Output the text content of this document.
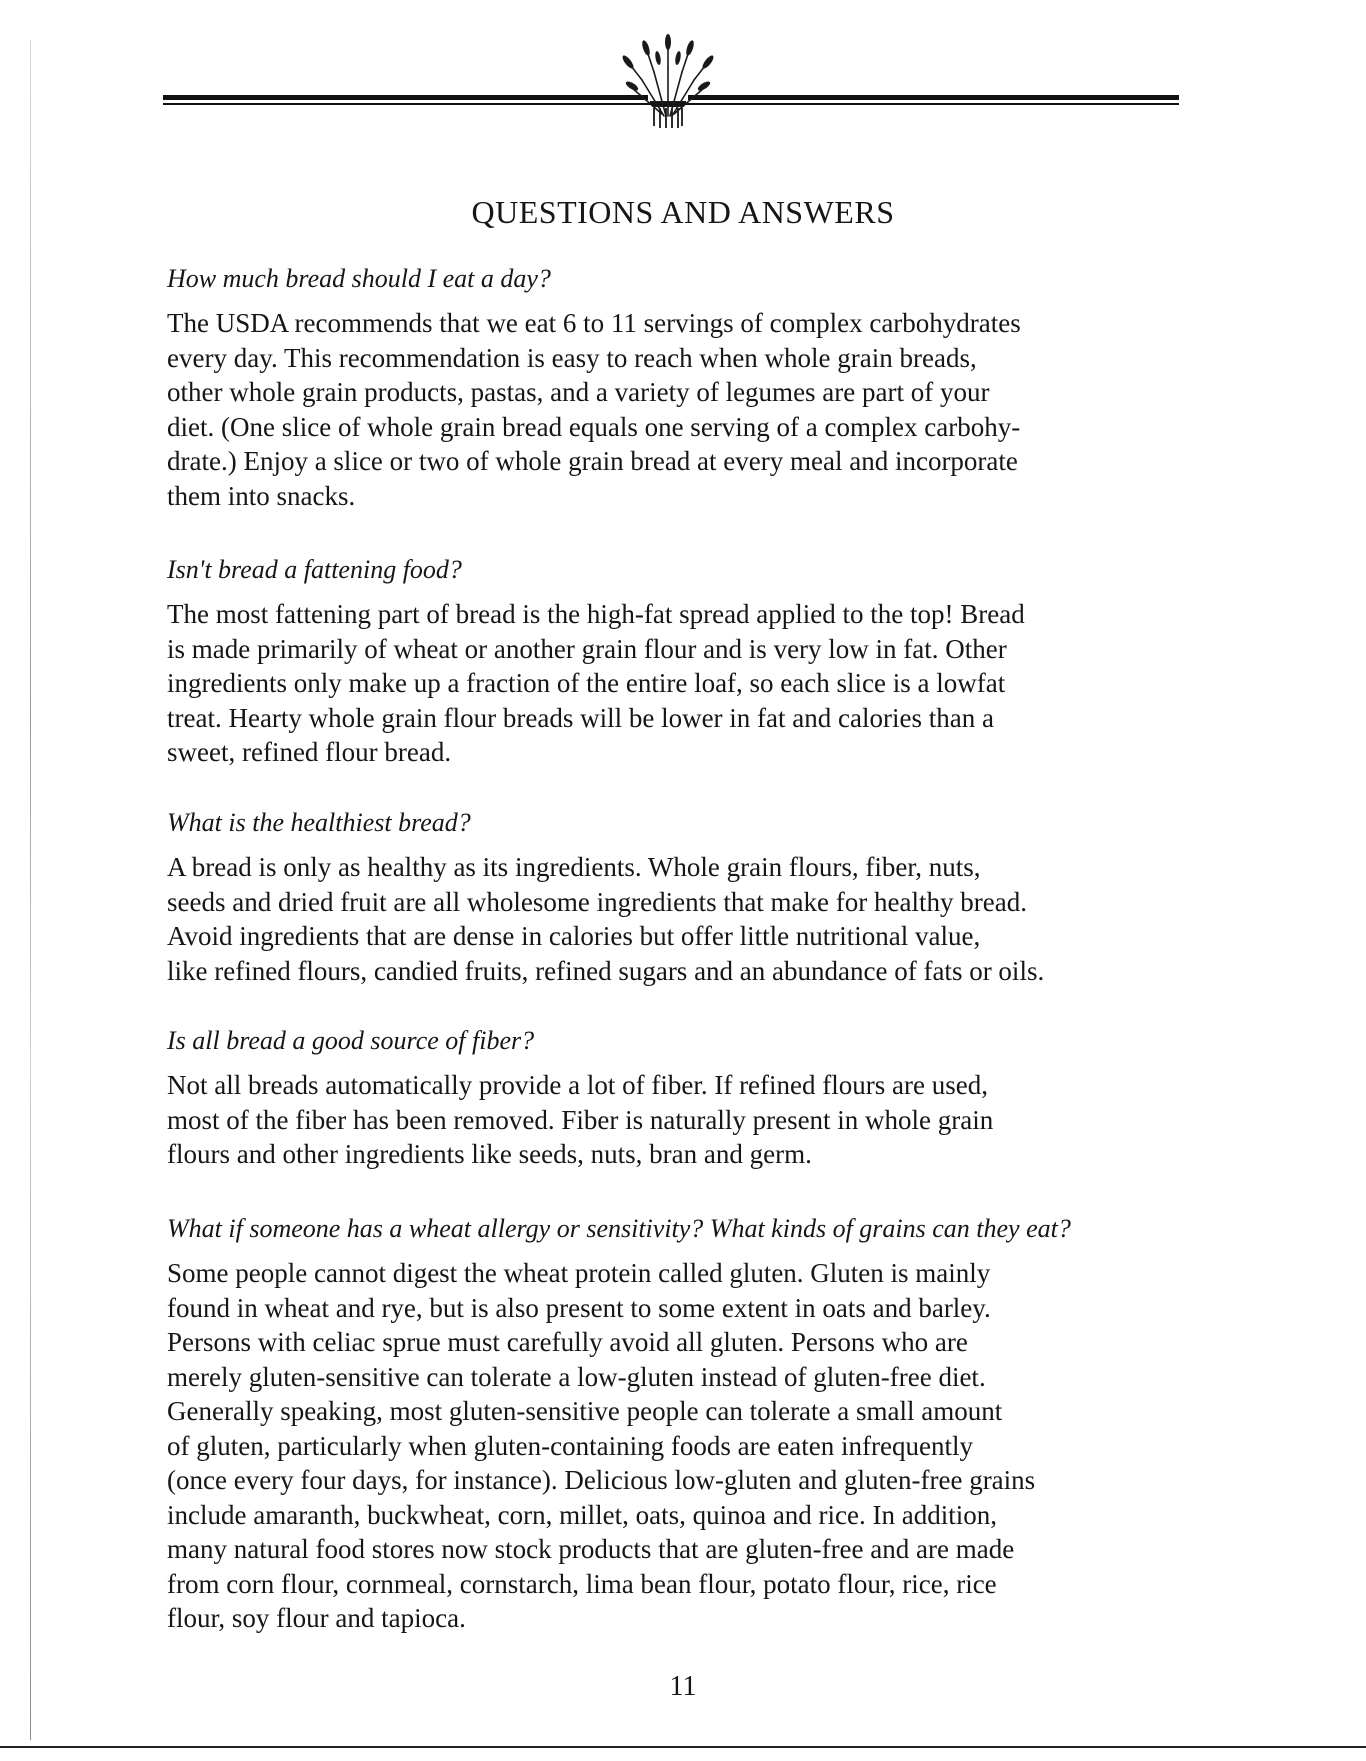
QUESTIONS AND ANSWERS
How much bread should I eat a day?

The USDA recommends that we eat 6 to 11 servings of complex carbohydrates
every day. This recommendation is easy to reach when whole grain breads,
other whole grain products, pastas, and a variety of legumes are part of your
diet. (One slice of whole grain bread equals one serving of a complex carbohy-
drate.) Enjoy a slice or two of whole grain bread at every meal and incorporate
them into snacks.

Isn't bread a fattening food?

The most fattening part of bread is the high-fat spread applied to the top! Bread
is made primarily of wheat or another grain flour and is very low in fat. Other
ingredients only make up a fraction of the entire loaf, so each slice is a lowfat
treat. Hearty whole grain flour breads will be lower in fat and calories than a
sweet, refined flour bread.

What is the healthiest bread?

A bread is only as healthy as its ingredients. Whole grain flours, fiber, nuts,
seeds and dried fruit are all wholesome ingredients that make for healthy bread.
Avoid ingredients that are dense in calories but offer little nutritional value,
like refined flours, candied fruits, refined sugars and an abundance of fats or oils.

Is all bread a good source of fiber?

Not all breads automatically provide a lot of fiber. If refined flours are used,
most of the fiber has been removed. Fiber is naturally present in whole grain
flours and other ingredients like seeds, nuts, bran and germ.

What if someone has a wheat allergy or sensitivity? What kinds of grains can they eat?

Some people cannot digest the wheat protein called gluten. Gluten is mainly
found in wheat and rye, but is also present to some extent in oats and barley.
Persons with celiac sprue must carefully avoid all gluten. Persons who are
merely gluten-sensitive can tolerate a low-gluten instead of gluten-free diet.
Generally speaking, most gluten-sensitive people can tolerate a small amount
of gluten, particularly when gluten-containing foods are eaten infrequently
(once every four days, for instance). Delicious low-gluten and gluten-free grains
include amaranth, buckwheat, corn, millet, oats, quinoa and rice. In addition,
many natural food stores now stock products that are gluten-free and are made
from corn flour, cornmeal, cornstarch, lima bean flour, potato flour, rice, rice
flour, soy flour and tapioca.

11
